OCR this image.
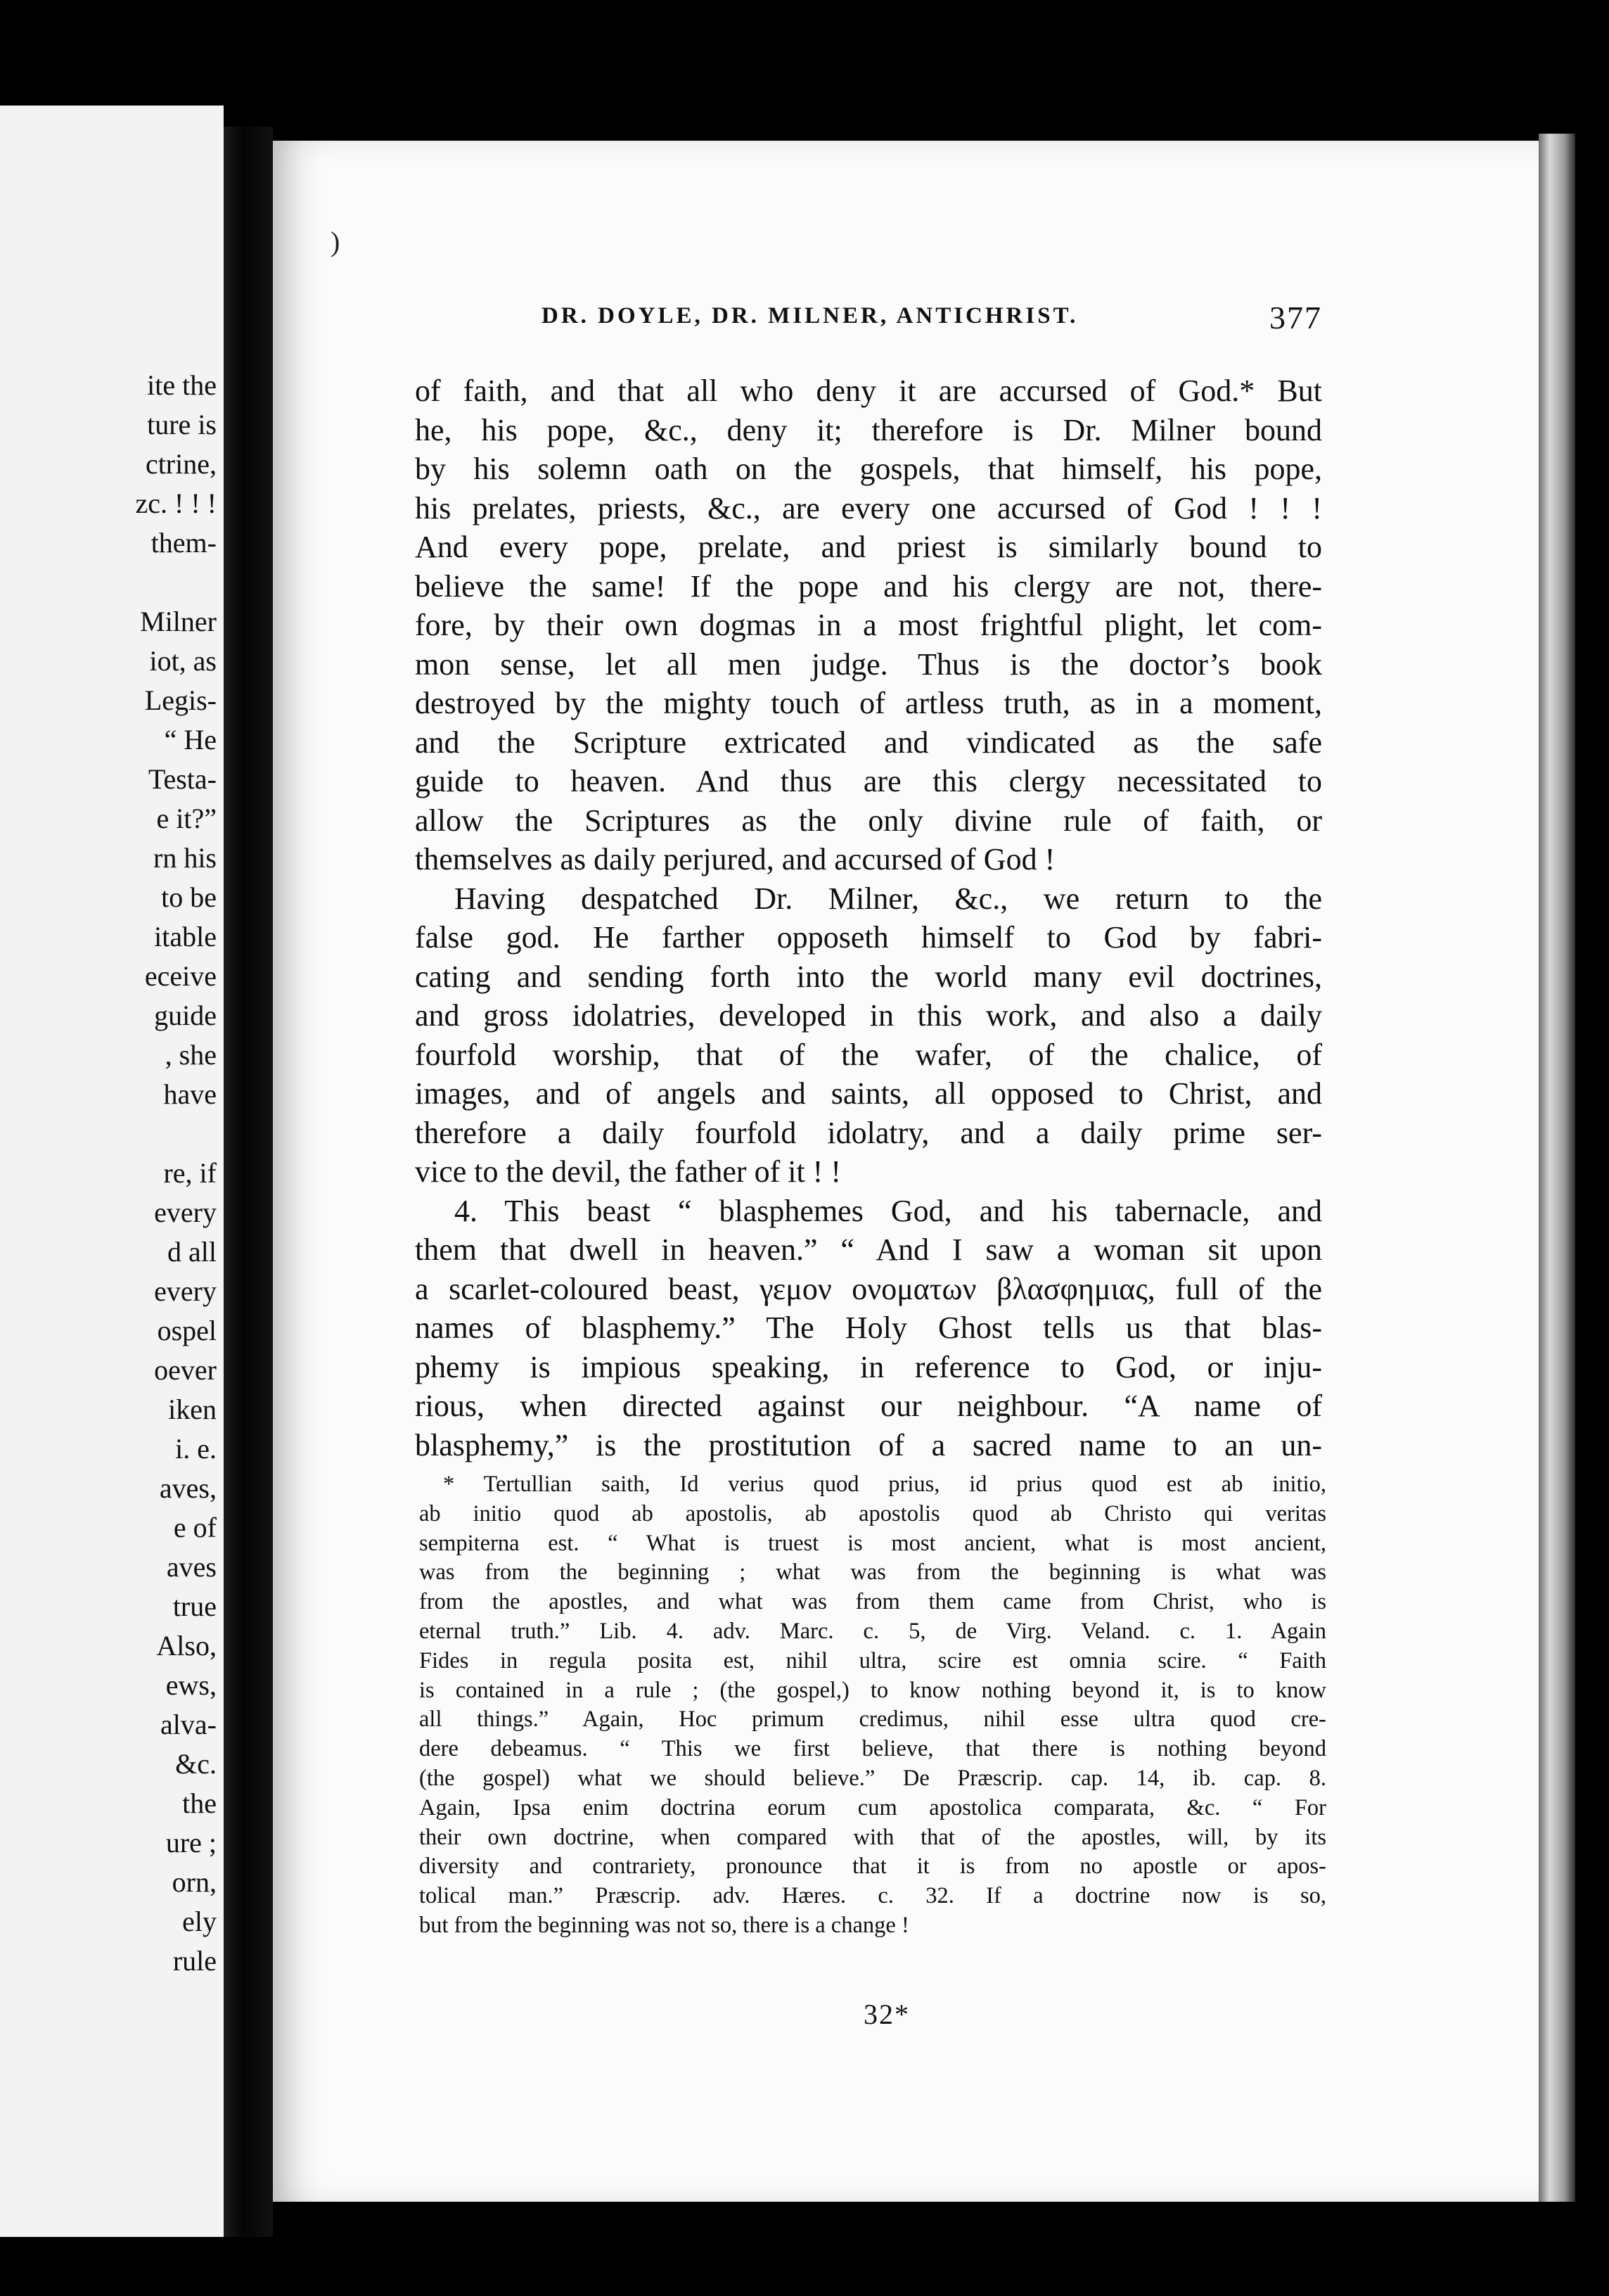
ite the
ture is
ctrine,
zc. ! ! !
them-
Milner
iot, as
Legis-
“ He
Testa-
e it?”
rn his
to be
itable
eceive
guide
, she
have
re, if
every
d all
every
ospel
oever
iken
i. e.
aves,
e of
aves
true
Also,
ews,
alva-
&c.
the
ure ;
orn,
ely
rule
)
DR. DOYLE, DR. MILNER, ANTICHRIST.	377
of faith, and that all who deny it are accursed of God.* But
he, his pope, &c., deny it; therefore is Dr. Milner bound
by his solemn oath on the gospels, that himself, his pope,
his prelates, priests, &c., are every one accursed of God ! ! !
And every pope, prelate, and priest is similarly bound to
believe the same! If the pope and his clergy are not, there-
fore, by their own dogmas in a most frightful plight, let com-
mon sense, let all men judge. Thus is the doctor’s book
destroyed by the mighty touch of artless truth, as in a moment,
and the Scripture extricated and vindicated as the safe
guide to heaven. And thus are this clergy necessitated to
allow the Scriptures as the only divine rule of faith, or
themselves as daily perjured, and accursed of God !
Having despatched Dr. Milner, &c., we return to the
false god. He farther opposeth himself to God by fabri-
cating and sending forth into the world many evil doctrines,
and gross idolatries, developed in this work, and also a daily
fourfold worship, that of the wafer, of the chalice, of
images, and of angels and saints, all opposed to Christ, and
therefore a daily fourfold idolatry, and a daily prime ser-
vice to the devil, the father of it ! !
4. This beast “ blasphemes God, and his tabernacle, and
them that dwell in heaven.” “ And I saw a woman sit upon
a scarlet-coloured beast, γεμον ονοματων βλασφημιας, full of the
names of blasphemy.” The Holy Ghost tells us that blas-
phemy is impious speaking, in reference to God, or inju-
rious, when directed against our neighbour. “A name of
blasphemy,” is the prostitution of a sacred name to an un-
* Tertullian saith, Id verius quod prius, id prius quod est ab initio,
ab initio quod ab apostolis, ab apostolis quod ab Christo qui veritas
sempiterna est. “ What is truest is most ancient, what is most ancient,
was from the beginning ; what was from the beginning is what was
from the apostles, and what was from them came from Christ, who is
eternal truth.” Lib. 4. adv. Marc. c. 5, de Virg. Veland. c. 1. Again
Fides in regula posita est, nihil ultra, scire est omnia scire. “ Faith
is contained in a rule ; (the gospel,) to know nothing beyond it, is to know
all things.” Again, Hoc primum credimus, nihil esse ultra quod cre-
dere debeamus. “ This we first believe, that there is nothing beyond
(the gospel) what we should believe.” De Præscrip. cap. 14, ib. cap. 8.
Again, Ipsa enim doctrina eorum cum apostolica comparata, &c. “ For
their own doctrine, when compared with that of the apostles, will, by its
diversity and contrariety, pronounce that it is from no apostle or apos-
tolical man.” Præscrip. adv. Hæres. c. 32. If a doctrine now is so,
but from the beginning was not so, there is a change !
32*
